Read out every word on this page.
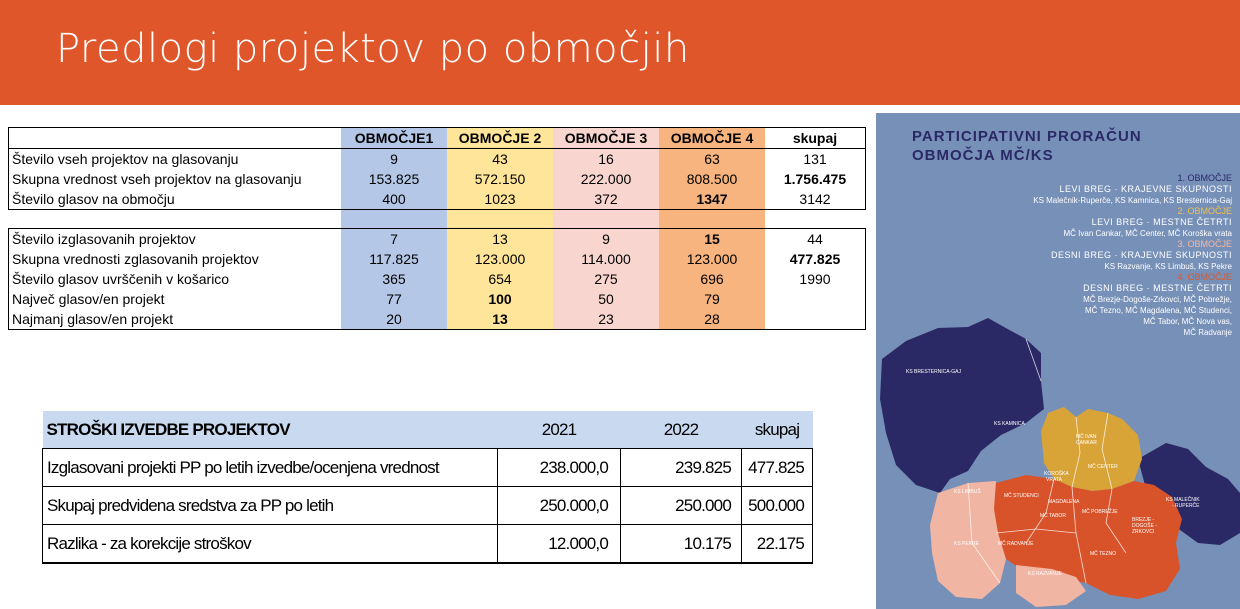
Predlogi projektov po območjih
	OBMOČJE1	OBMOČJE 2	OBMOČJE 3	OBMOČJE 4	skupaj
Število vseh projektov na glasovanju	9	43	16	63	131
Skupna vrednost vseh projektov na glasovanju	153.825	572.150	222.000	808.500	1.756.475
Število glasov na območju	400	1023	372	1347	3142

Število izglasovanih projektov	7	13	9	15	44
Skupna vrednosti zglasovanih projektov	117.825	123.000	114.000	123.000	477.825
Število glasov uvrščenih v košarico	365	654	275	696	1990
Največ glasov/en projekt	77	100	50	79	
Najmanj glasov/en projekt	20	13	23	28	
STROŠKI IZVEDBE PROJEKTOV	2021	2022	skupaj
Izglasovani projekti PP po letih izvedbe/ocenjena vrednost	238.000,0	239.825	477.825
Skupaj predvidena sredstva za PP po letih	250.000,0	250.000	500.000
Razlika - za korekcije stroškov	12.000,0	10.175	22.175
PARTICIPATIVNI PRORAČUN
OBMOČJA MČ/KS
1. OBMOČJE
LEVI BREG · KRAJEVNE SKUPNOSTI
KS Malečnik-Ruperče, KS Kamnica, KS Bresternica-Gaj
2. OBMOČJE
LEVI BREG · MESTNE ČETRTI
MČ Ivan Cankar, MČ Center, MČ Koroška vrata
3. OBMOČJE
DESNI BREG · KRAJEVNE SKUPNOSTI
KS Razvanje, KS Limbuš, KS Pekre
4. OBMOČJE
DESNI BREG · MESTNE ČETRTI
MČ Brezje-Dogoše-Zrkovci, MČ Pobrežje,
MČ Tezno, MČ Magdalena, MČ Studenci,
MČ Tabor, MČ Nova vas,
MČ Radvanje
KS BRESTERNICA-GAJ
KS KAMNICA
MČ IVAN
CANKAR
MČ CENTER
KOROŠKA
VRATA
KS MALEČNIK
- RUPERČE
KS LIMBUŠ
MČ STUDENCI
MAGDALENA
MČ TABOR
MČ POBREŽJE
BREZJE -
DOGOŠE -
ZRKOVCI
KS PEKRE	MČ RADVANJE
MČ TEZNO
KS RAZVANJE
